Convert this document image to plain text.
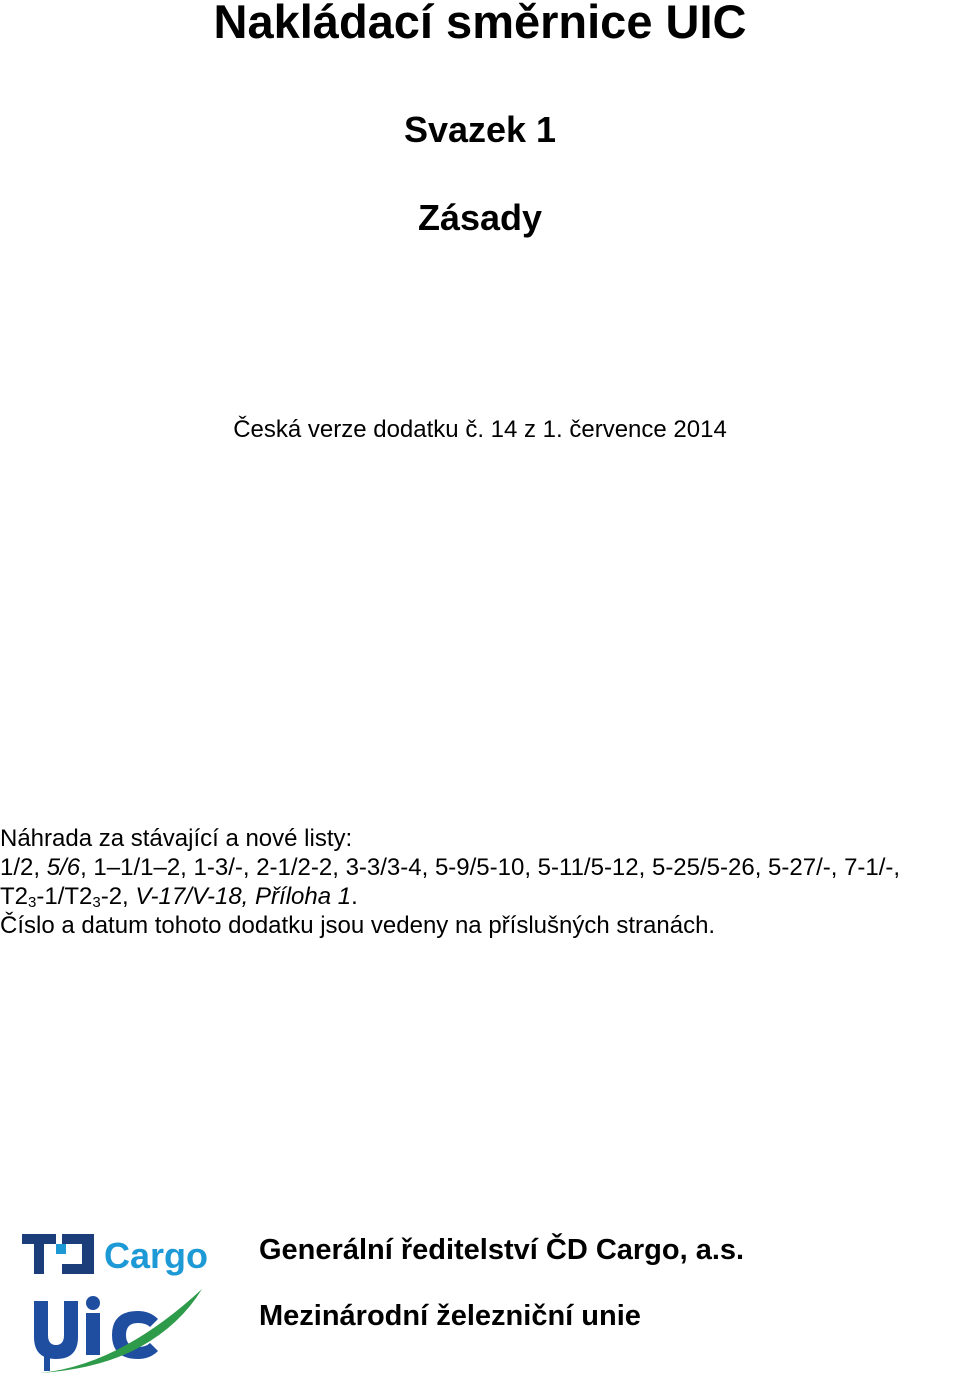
Nakládací směrnice UIC
Svazek 1
Zásady
Česká verze dodatku č. 14 z 1. července 2014
Náhrada za stávající a nové listy:
1/2, 5/6, 1–1/1–2, 1-3/-, 2-1/2-2, 3-3/3-4, 5-9/5-10, 5-11/5-12, 5-25/5-26, 5-27/-, 7-1/-,
$T2_3-1/T2_3-2$, V-17/V-18, Příloha 1.
Číslo a datum tohoto dodatku jsou vedeny na příslušných stranách.
Cargo Generální ředitelství ČD Cargo, a.s.
Mezinárodní železniční unie
